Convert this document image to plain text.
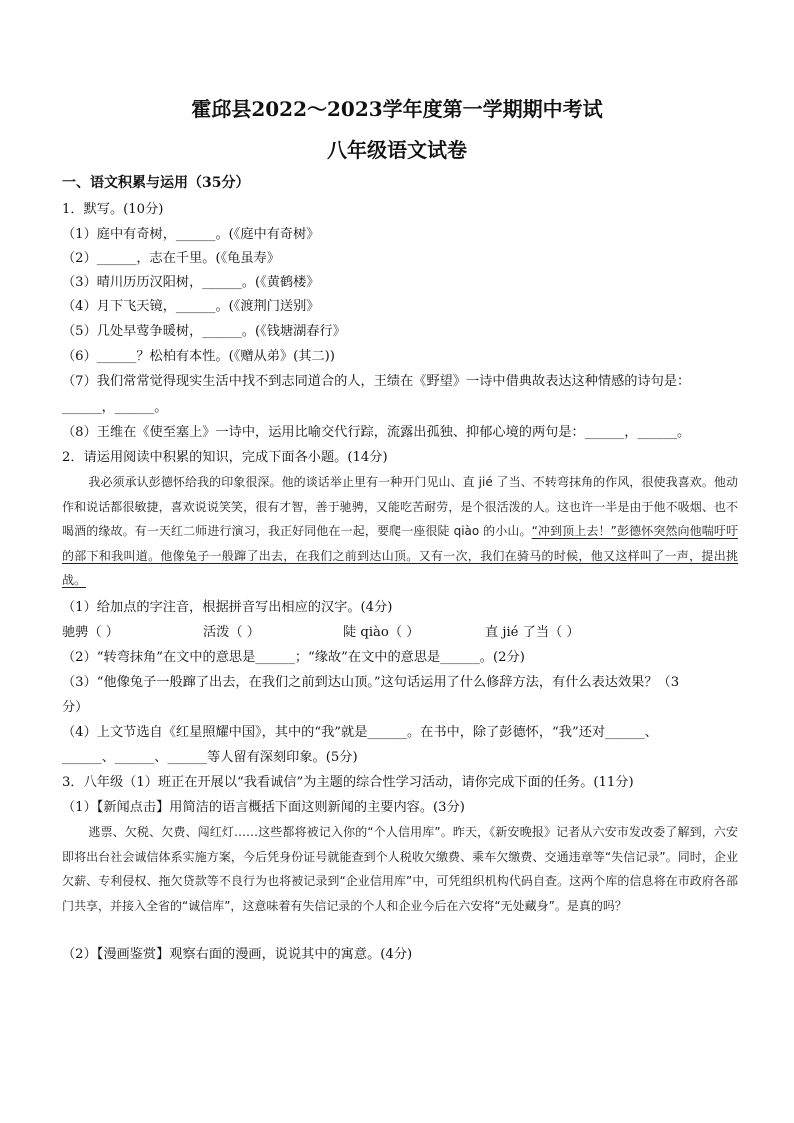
霍邱县2022～2023学年度第一学期期中考试
八年级语文试卷
一、语文积累与运用（35分）
1．默写。(10分)
（1）庭中有奇树，______。(《庭中有奇树》
（2）______，志在千里。(《龟虽寿》
（3）晴川历历汉阳树，______。(《黄鹤楼》
（4）月下飞天镜，______。(《渡荆门送别》
（5）几处早莺争暖树，______。(《钱塘湖春行》
（6）______？松柏有本性。(《赠从弟》(其二))
（7）我们常常觉得现实生活中找不到志同道合的人，王绩在《野望》一诗中借典故表达这种情感的诗句是：
______，______。
（8）王维在《使至塞上》一诗中，运用比喻交代行踪，流露出孤独、抑郁心境的两句是：______，______。
2．请运用阅读中积累的知识，完成下面各小题。(14分)

我必须承认彭德怀给我的印象很深。他的谈话举止里有一种开门见山、直 jié 了当、不转弯抹角的作风，很使我喜欢。他动作和说话都很敏捷，喜欢说说笑笑，很有才智，善于驰骋，又能吃苦耐劳，是个很活泼的人。这也许一半是由于他不吸烟、也不喝酒的缘故。有一天红二师进行演习，我正好同他在一起，要爬一座很陡 qiào 的小山。“冲到顶上去！”彭德怀突然向他喘吁吁的部下和我叫道。他像兔子一般蹿了出去，在我们之前到达山顶。又有一次，我们在骑马的时候，他又这样叫了一声，提出挑战。

（1）给加点的字注音，根据拼音写出相应的汉字。(4分)
驰骋（ ）	活泼（ ）	陡 qiào（ ）	直 jié 了当（ ）
（2）“转弯抹角”在文中的意思是______；“缘故”在文中的意思是______。(2分)
（3）“他像兔子一般蹿了出去，在我们之前到达山顶。”这句话运用了什么修辞方法，有什么表达效果？（3
分）
（4）上文节选自《红星照耀中国》，其中的“我”就是______。在书中，除了彭德怀，“我”还对______、
______、______、______等人留有深刻印象。(5分)
3．八年级（1）班正在开展以“我看诚信”为主题的综合性学习活动，请你完成下面的任务。(11分)
（1）【新闻点击】用简洁的语言概括下面这则新闻的主要内容。(3分)

逃票、欠税、欠费、闯红灯……这些都将被记入你的“个人信用库”。昨天，《新安晚报》记者从六安市发改委了解到，六安即将出台社会诚信体系实施方案，今后凭身份证号就能查到个人税收欠缴费、乘车欠缴费、交通违章等“失信记录”。同时，企业欠薪、专利侵权、拖欠贷款等不良行为也将被记录到“企业信用库”中，可凭组织机构代码自查。这两个库的信息将在市政府各部门共享，并接入全省的“诚信库”，这意味着有失信记录的个人和企业今后在六安将“无处藏身”。是真的吗？

（2）【漫画鉴赏】观察右面的漫画，说说其中的寓意。(4分)
